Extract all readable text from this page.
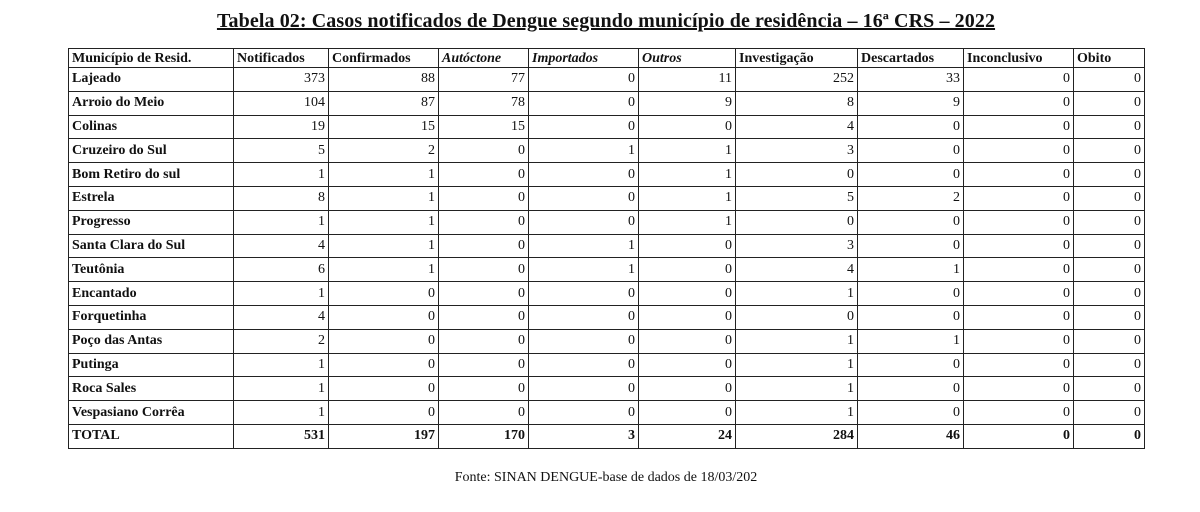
Tabela 02: Casos notificados de Dengue segundo município de residência – 16ª CRS – 2022
Município de Resid.	Notificados	Confirmados	Autóctone	Importados	Outros	Investigação	Descartados	Inconclusivo	Obito
Lajeado	373	88	77	0	11	252	33	0	0
Arroio do Meio	104	87	78	0	9	8	9	0	0
Colinas	19	15	15	0	0	4	0	0	0
Cruzeiro do Sul	5	2	0	1	1	3	0	0	0
Bom Retiro do sul	1	1	0	0	1	0	0	0	0
Estrela	8	1	0	0	1	5	2	0	0
Progresso	1	1	0	0	1	0	0	0	0
Santa Clara do Sul	4	1	0	1	0	3	0	0	0
Teutônia	6	1	0	1	0	4	1	0	0
Encantado	1	0	0	0	0	1	0	0	0
Forquetinha	4	0	0	0	0	0	0	0	0
Poço das Antas	2	0	0	0	0	1	1	0	0
Putinga	1	0	0	0	0	1	0	0	0
Roca Sales	1	0	0	0	0	1	0	0	0
Vespasiano Corrêa	1	0	0	0	0	1	0	0	0
TOTAL	531	197	170	3	24	284	46	0	0
Fonte: SINAN DENGUE-base de dados de 18/03/202
